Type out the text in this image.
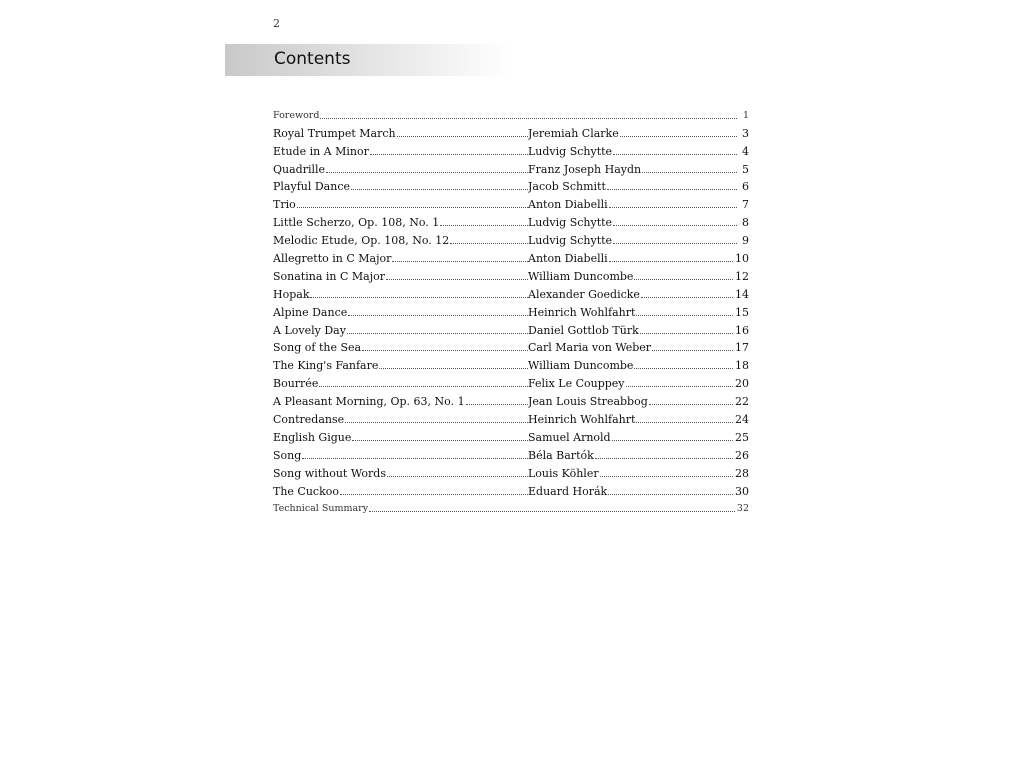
2
Contents
Foreword	1
Royal Trumpet March	Jeremiah Clarke	3
Etude in A Minor	Ludvig Schytte	4
Quadrille	Franz Joseph Haydn	5
Playful Dance	Jacob Schmitt	6
Trio	Anton Diabelli	7
Little Scherzo, Op. 108, No. 1	Ludvig Schytte	8
Melodic Etude, Op. 108, No. 12	Ludvig Schytte	9
Allegretto in C Major	Anton Diabelli	10
Sonatina in C Major	William Duncombe	12
Hopak	Alexander Goedicke	14
Alpine Dance	Heinrich Wohlfahrt	15
A Lovely Day	Daniel Gottlob Türk	16
Song of the Sea	Carl Maria von Weber	17
The King's Fanfare	William Duncombe	18
Bourrée	Felix Le Couppey	20
A Pleasant Morning, Op. 63, No. 1	Jean Louis Streabbog	22
Contredanse	Heinrich Wohlfahrt	24
English Gigue	Samuel Arnold	25
Song	Béla Bartók	26
Song without Words	Louis Köhler	28
The Cuckoo	Eduard Horák	30
Technical Summary	32
